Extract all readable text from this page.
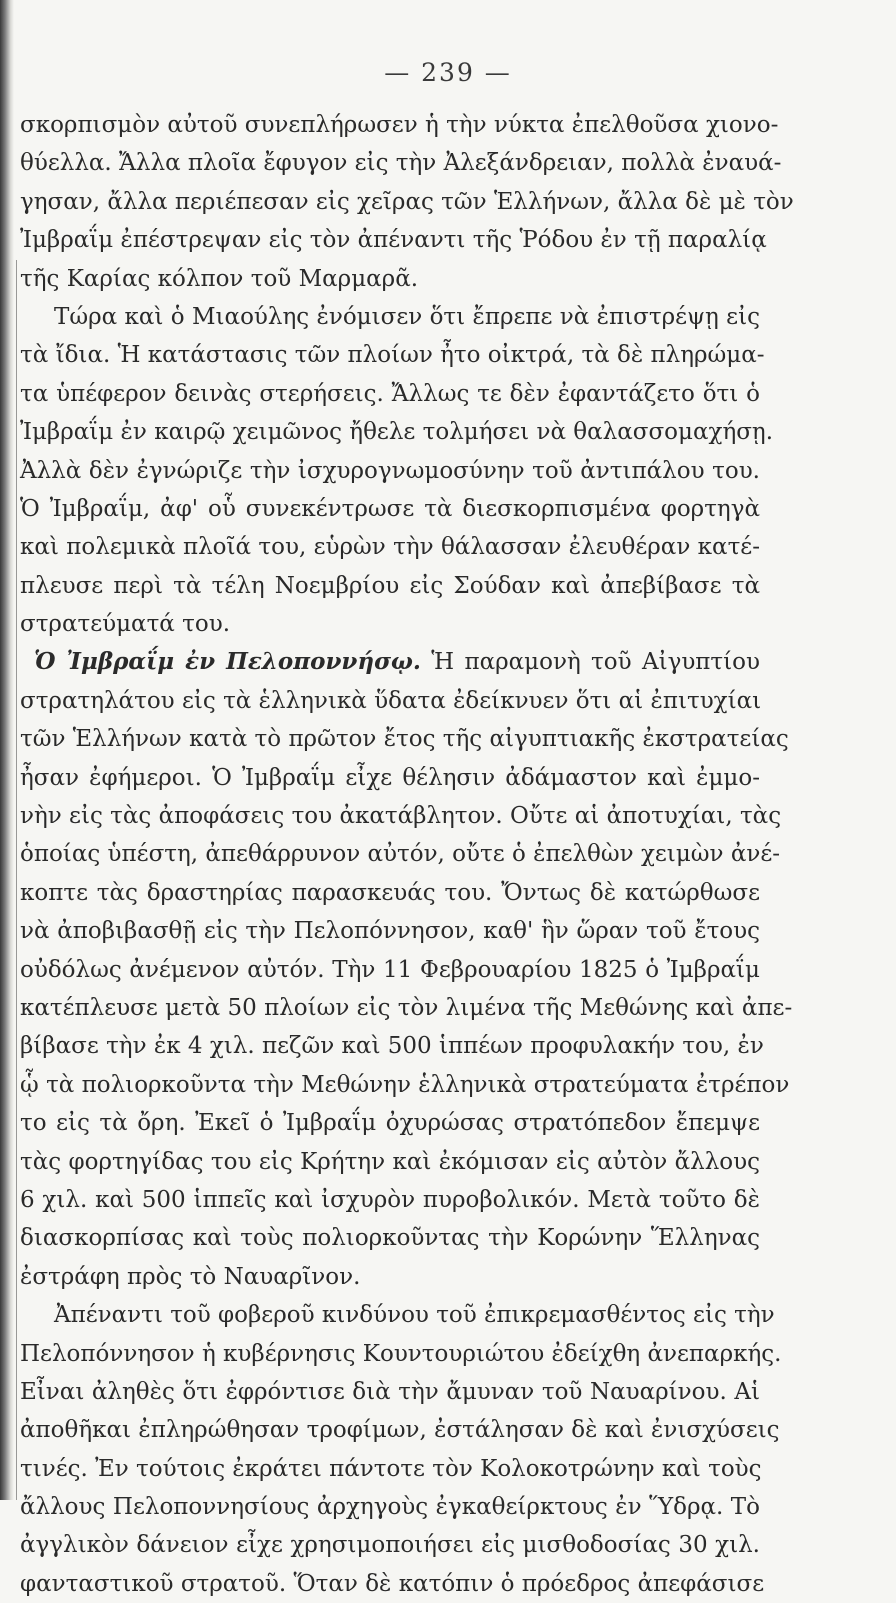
— 239 —
σκορπισμὸν αὐτοῦ συνεπλήρωσεν ἡ τὴν νύκτα ἐπελθοῦσα χιονο-
θύελλα. Ἄλλα πλοῖα ἔφυγον εἰς τὴν Ἀλεξάνδρειαν, πολλὰ ἐναυά-
γησαν, ἄλλα περιέπεσαν εἰς χεῖρας τῶν Ἑλλήνων, ἄλλα δὲ μὲ τὸν
Ἰμβραΐμ ἐπέστρεψαν εἰς τὸν ἀπέναντι τῆς Ῥόδου ἐν τῇ παραλίᾳ
τῆς Καρίας κόλπον τοῦ Μαρμαρᾶ.
Τώρα καὶ ὁ Μιαούλης ἐνόμισεν ὅτι ἔπρεπε νὰ ἐπιστρέψῃ εἰς
τὰ ἴδια. Ἡ κατάστασις τῶν πλοίων ἦτο οἰκτρά, τὰ δὲ πληρώμα-
τα ὑπέφερον δεινὰς στερήσεις. Ἄλλως τε δὲν ἐφαντάζετο ὅτι ὁ
Ἰμβραΐμ ἐν καιρῷ χειμῶνος ἤθελε τολμήσει νὰ θαλασσομαχήσῃ.
Ἀλλὰ δὲν ἐγνώριζε τὴν ἰσχυρογνωμοσύνην τοῦ ἀντιπάλου του.
Ὁ Ἰμβραΐμ, ἀφ' οὗ συνεκέντρωσε τὰ διεσκορπισμένα φορτηγὰ
καὶ πολεμικὰ πλοῖά του, εὑρὼν τὴν θάλασσαν ἐλευθέραν κατέ-
πλευσε περὶ τὰ τέλη Νοεμβρίου εἰς Σούδαν καὶ ἀπεβίβασε τὰ
στρατεύματά του.
Ὁ Ἰμβραΐμ ἐν Πελοποννήσῳ. Ἡ παραμονὴ τοῦ Αἰγυπτίου
στρατηλάτου εἰς τὰ ἑλληνικὰ ὕδατα ἐδείκνυεν ὅτι αἱ ἐπιτυχίαι
τῶν Ἑλλήνων κατὰ τὸ πρῶτον ἔτος τῆς αἰγυπτιακῆς ἐκστρατείας
ἦσαν ἐφήμεροι. Ὁ Ἰμβραΐμ εἶχε θέλησιν ἀδάμαστον καὶ ἐμμο-
νὴν εἰς τὰς ἀποφάσεις του ἀκατάβλητον. Οὔτε αἱ ἀποτυχίαι, τὰς
ὁποίας ὑπέστη, ἀπεθάρρυνον αὐτόν, οὔτε ὁ ἐπελθὼν χειμὼν ἀνέ-
κοπτε τὰς δραστηρίας παρασκευάς του. Ὄντως δὲ κατώρθωσε
νὰ ἀποβιβασθῇ εἰς τὴν Πελοπόννησον, καθ' ἣν ὥραν τοῦ ἔτους
οὐδόλως ἀνέμενον αὐτόν. Τὴν 11 Φεβρουαρίου 1825 ὁ Ἰμβραΐμ
κατέπλευσε μετὰ 50 πλοίων εἰς τὸν λιμένα τῆς Μεθώνης καὶ ἀπε-
βίβασε τὴν ἐκ 4 χιλ. πεζῶν καὶ 500 ἱππέων προφυλακήν του, ἐν
ᾧ τὰ πολιορκοῦντα τὴν Μεθώνην ἑλληνικὰ στρατεύματα ἐτρέπον
το εἰς τὰ ὄρη. Ἐκεῖ ὁ Ἰμβραΐμ ὀχυρώσας στρατόπεδον ἔπεμψε
τὰς φορτηγίδας του εἰς Κρήτην καὶ ἐκόμισαν εἰς αὐτὸν ἄλλους
6 χιλ. καὶ 500 ἱππεῖς καὶ ἰσχυρὸν πυροβολικόν. Μετὰ τοῦτο δὲ
διασκορπίσας καὶ τοὺς πολιορκοῦντας τὴν Κορώνην Ἕλληνας
ἐστράφη πρὸς τὸ Ναυαρῖνον.
Ἀπέναντι τοῦ φοβεροῦ κινδύνου τοῦ ἐπικρεμασθέντος εἰς τὴν
Πελοπόννησον ἡ κυβέρνησις Κουντουριώτου ἐδείχθη ἀνεπαρκής.
Εἶναι ἀληθὲς ὅτι ἐφρόντισε διὰ τὴν ἄμυναν τοῦ Ναυαρίνου. Αἱ
ἀποθῆκαι ἐπληρώθησαν τροφίμων, ἐστάλησαν δὲ καὶ ἐνισχύσεις
τινές. Ἐν τούτοις ἐκράτει πάντοτε τὸν Κολοκοτρώνην καὶ τοὺς
ἄλλους Πελοποννησίους ἀρχηγοὺς ἐγκαθείρκτους ἐν Ὕδρᾳ. Τὸ
ἀγγλικὸν δάνειον εἶχε χρησιμοποιήσει εἰς μισθοδοσίας 30 χιλ.
φανταστικοῦ στρατοῦ. Ὅταν δὲ κατόπιν ὁ πρόεδρος ἀπεφάσισε
